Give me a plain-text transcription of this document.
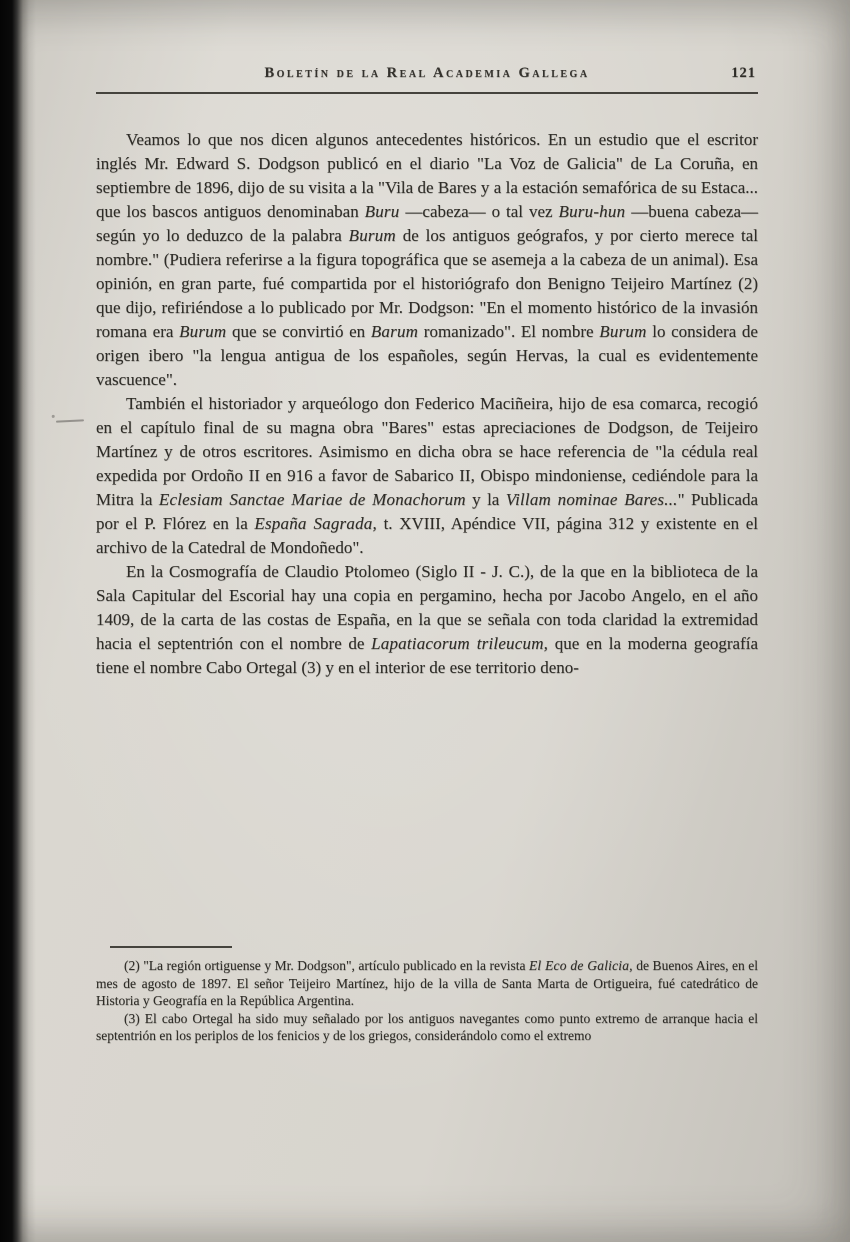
Boletín de la Real Academia Gallega	121

Veamos lo que nos dicen algunos antecedentes históricos. En un estudio que el escritor inglés Mr. Edward S. Dodgson publicó en el diario "La Voz de Galicia" de La Coruña, en septiembre de 1896, dijo de su visita a la "Vila de Bares y a la estación semafórica de su Estaca... que los bascos antiguos denominaban Buru —cabeza— o tal vez Buru-hun —buena cabeza— según yo lo deduzco de la palabra Burum de los antiguos geógrafos, y por cierto merece tal nombre." (Pudiera referirse a la figura topográfica que se asemeja a la cabeza de un animal). Esa opinión, en gran parte, fué compartida por el historiógrafo don Benigno Teijeiro Martínez (2) que dijo, refiriéndose a lo publicado por Mr. Dodgson: "En el momento histórico de la invasión romana era Burum que se convirtió en Barum romanizado". El nombre Burum lo considera de origen ibero "la lengua antigua de los españoles, según Hervas, la cual es evidentemente vascuence".

También el historiador y arqueólogo don Federico Maciñeira, hijo de esa comarca, recogió en el capítulo final de su magna obra "Bares" estas apreciaciones de Dodgson, de Teijeiro Martínez y de otros escritores. Asimismo en dicha obra se hace referencia de "la cédula real expedida por Ordoño II en 916 a favor de Sabarico II, Obispo mindoniense, cediéndole para la Mitra la Eclesiam Sanctae Mariae de Monachorum y la Villam nominae Bares..." Publicada por el P. Flórez en la España Sagrada, t. XVIII, Apéndice VII, página 312 y existente en el archivo de la Catedral de Mondoñedo".

En la Cosmografía de Claudio Ptolomeo (Siglo II - J. C.), de la que en la biblioteca de la Sala Capitular del Escorial hay una copia en pergamino, hecha por Jacobo Angelo, en el año 1409, de la carta de las costas de España, en la que se señala con toda claridad la extremidad hacia el septentrión con el nombre de Lapatiacorum trileucum, que en la moderna geografía tiene el nombre Cabo Ortegal (3) y en el interior de ese territorio deno-

(2) "La región ortiguense y Mr. Dodgson", artículo publicado en la revista El Eco de Galicia, de Buenos Aires, en el mes de agosto de 1897. El señor Teijeiro Martínez, hijo de la villa de Santa Marta de Ortigueira, fué catedrático de Historia y Geografía en la República Argentina.

(3) El cabo Ortegal ha sido muy señalado por los antiguos navegantes como punto extremo de arranque hacia el septentrión en los periplos de los fenicios y de los griegos, considerándolo como el extremo
